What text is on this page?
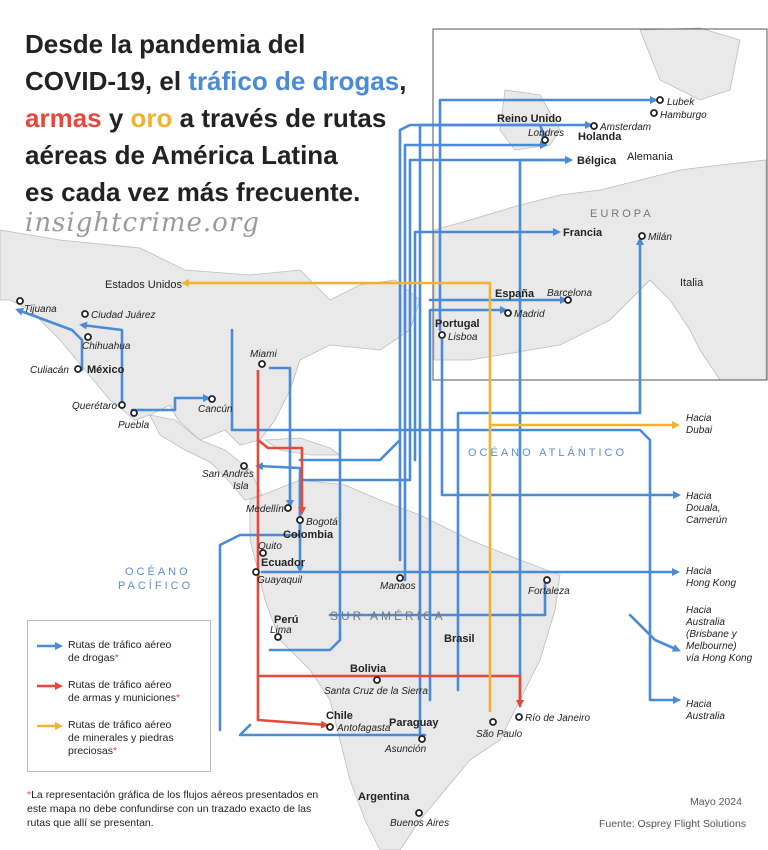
EUROPA
SUR AMÉRICA
OCÉANO ATLÁNTICO
OCÉANO
PACÍFICO
Reino Unido
Holanda
Alemania
Bélgica
Francia
España
Portugal
Italia
Estados Unidos
México
Colombia
Ecuador
Perú
Bolivia
Brasil
Chile
Paraguay
Argentina
Lubek
Hamburgo
Londres
Amsterdam
Milán
Barcelona
Madrid
Lisboa
Tijuana
Ciudad Juárez
Chihuahua
Culiacán
Querétaro
Puebla
Cancún
Miami
San Andrés
Isla
Medellín
Bogotá
Quito
Guayaquil
Manaos	Fortaleza
Lima
Santa Cruz de la Sierra
Antofagasta
Asunción
São Paulo
Río de Janeiro
Buenos Aires
Hacia
Dubai
Hacia
Douala,
Camerún
Hacia
Hong Kong
Hacia
Australia
(Brisbane y
Melbourne)
vía Hong Kong
Hacia
Australia
Desde la pandemia del
COVID-19, el tráfico de drogas,
armas y oro a través de rutas
aéreas de América Latina
es cada vez más frecuente.
insightcrime.org
Rutas de tráfico aéreo
de drogas*
Rutas de tráfico aéreo
de armas y municiones*
Rutas de tráfico aéreo
de minerales y piedras
preciosas*
*La representación gráfica de los flujos aéreos presentados en este mapa no debe confundirse con un trazado exacto de las rutas que allí se presentan.
Mayo 2024
Fuente: Osprey Flight Solutions
